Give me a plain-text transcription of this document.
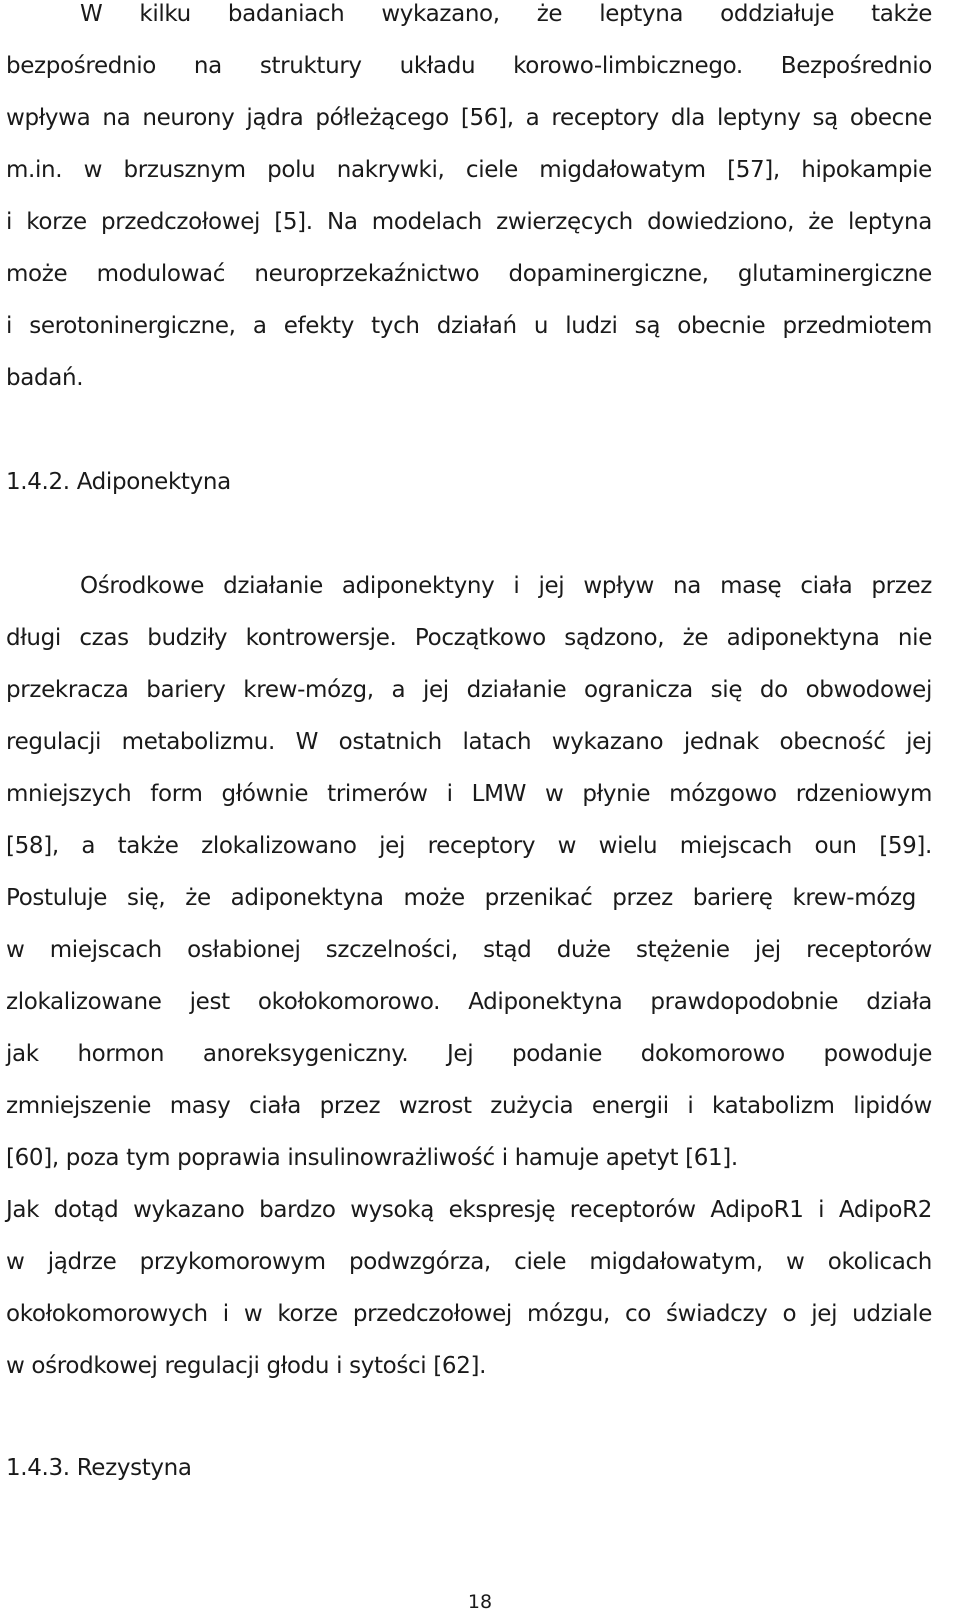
W kilku badaniach wykazano, że leptyna oddziałuje także
bezpośrednio na struktury układu korowo-limbicznego. Bezpośrednio
wpływa na neurony jądra półleżącego [56], a receptory dla leptyny są obecne
m.in. w brzusznym polu nakrywki, ciele migdałowatym [57], hipokampie
i korze przedczołowej [5]. Na modelach zwierzęcych dowiedziono, że leptyna
może modulować neuroprzekaźnictwo dopaminergiczne, glutaminergiczne
i serotoninergiczne, a efekty tych działań u ludzi są obecnie przedmiotem
badań.
1.4.2. Adiponektyna
Ośrodkowe działanie adiponektyny i jej wpływ na masę ciała przez
długi czas budziły kontrowersje. Początkowo sądzono, że adiponektyna nie
przekracza bariery krew-mózg, a jej działanie ogranicza się do obwodowej
regulacji metabolizmu. W ostatnich latach wykazano jednak obecność jej
mniejszych form głównie trimerów i LMW w płynie mózgowo rdzeniowym
[58], a także zlokalizowano jej receptory w wielu miejscach oun [59].
Postuluje się, że adiponektyna może przenikać przez barierę krew-mózg
w miejscach osłabionej szczelności, stąd duże stężenie jej receptorów
zlokalizowane jest okołokomorowo. Adiponektyna prawdopodobnie działa
jak hormon anoreksygeniczny. Jej podanie dokomorowo powoduje
zmniejszenie masy ciała przez wzrost zużycia energii i katabolizm lipidów
[60], poza tym poprawia insulinowrażliwość i hamuje apetyt [61].
Jak dotąd wykazano bardzo wysoką ekspresję receptorów AdipoR1 i AdipoR2
w jądrze przykomorowym podwzgórza, ciele migdałowatym, w okolicach
okołokomorowych i w korze przedczołowej mózgu, co świadczy o jej udziale
w ośrodkowej regulacji głodu i sytości [62].
1.4.3. Rezystyna
18
